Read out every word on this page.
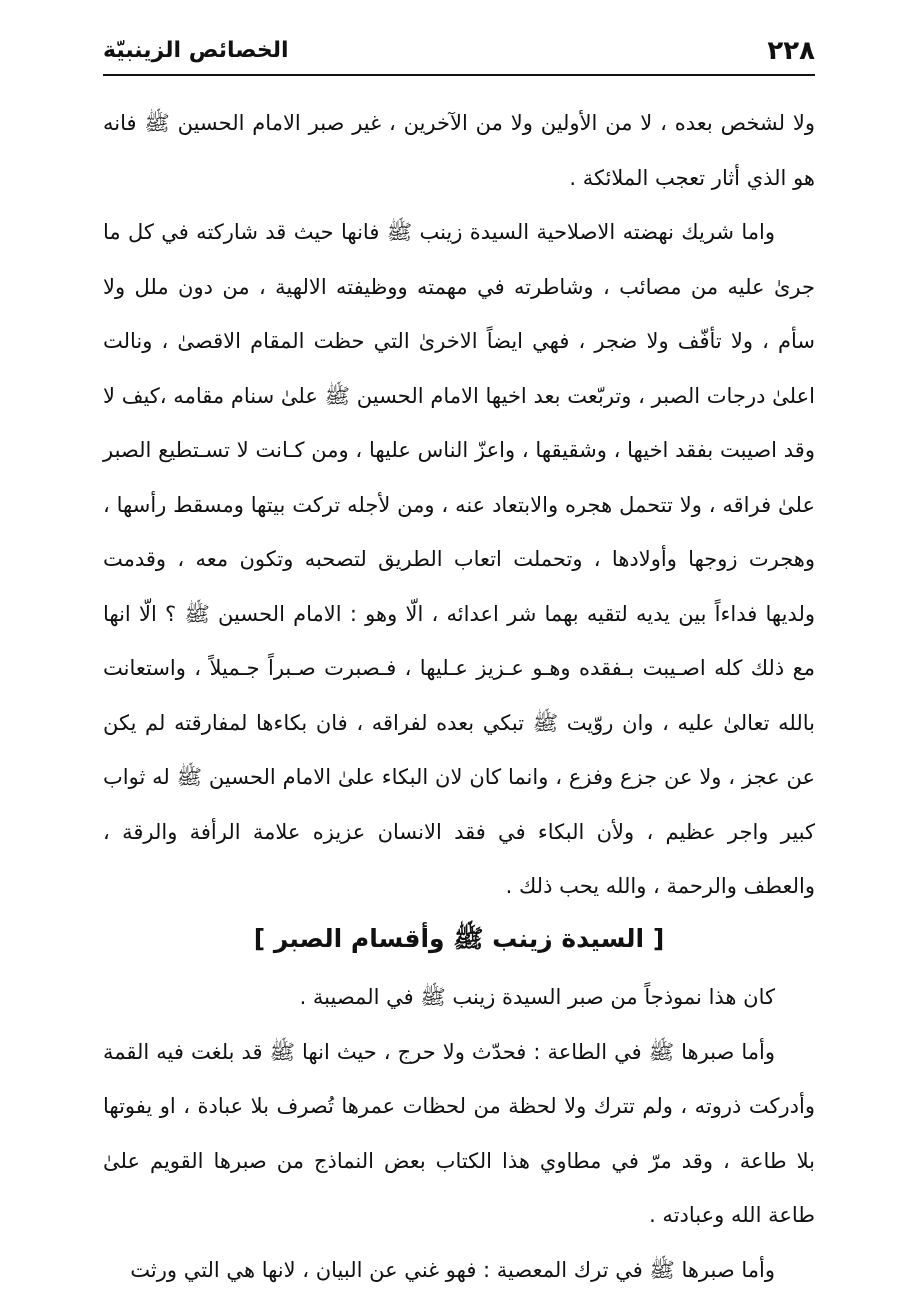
٢٢٨
الخصائص الزينبيّة

ولا لشخص بعده ، لا من الأولين ولا من الآخرين ، غير صبر الامام الحسين ﷺ فانه هو الذي أثار تعجب الملائكة .

واما شريك نهضته الاصلاحية السيدة زينب ﷺ فانها حيث قد شاركته في كل ما جرىٰ عليه من مصائب ، وشاطرته في مهمته ووظيفته الالهية ، من دون ملل ولا سأم ، ولا تأفّف ولا ضجر ، فهي ايضاً الاخرىٰ التي حظت المقام الاقصىٰ ، ونالت اعلىٰ درجات الصبر ، وتربّعت بعد اخيها الامام الحسين ﷺ علىٰ سنام مقامه ،كيف لا وقد اصيبت بفقد اخيها ، وشقيقها ، واعزّ الناس عليها ، ومن كـانت لا تسـتطيع الصبر علىٰ فراقه ، ولا تتحمل هجره والابتعاد عنه ، ومن لأجله تركت بيتها ومسقط رأسها ، وهجرت زوجها وأولادها ، وتحملت اتعاب الطريق لتصحبه وتكون معه ، وقدمت ولديها فداءاً بين يديه لتقيه بهما شر اعدائه ، الّا وهو : الامام الحسين ﷺ ؟ الّا انها مع ذلك كله اصـيبت بـفقده وهـو عـزيز عـليها ، فـصبرت صـبراً جـميلاً ، واستعانت بالله تعالىٰ عليه ، وان روّيت ﷺ تبكي بعده لفراقه ، فان بكاءها لمفارقته لم يكن عن عجز ، ولا عن جزع وفزع ، وانما كان لان البكاء علىٰ الامام الحسين ﷺ له ثواب كبير واجر عظيم ، ولأن البكاء في فقد الانسان عزيزه علامة الرأفة والرقة ، والعطف والرحمة ، والله يحب ذلك .

[ السيدة زينب ﷺ وأقسام الصبر ]

كان هذا نموذجاً من صبر السيدة زينب ﷺ في المصيبة .

وأما صبرها ﷺ في الطاعة : فحدّث ولا حرج ، حيث انها ﷺ قد بلغت فيه القمة وأدركت ذروته ، ولم تترك ولا لحظة من لحظات عمرها تُصرف بلا عبادة ، او يفوتها بلا طاعة ، وقد مرّ في مطاوي هذا الكتاب بعض النماذج من صبرها القويم علىٰ طاعة الله وعبادته .

وأما صبرها ﷺ في ترك المعصية : فهو غني عن البيان ، لانها هي التي ورثت
